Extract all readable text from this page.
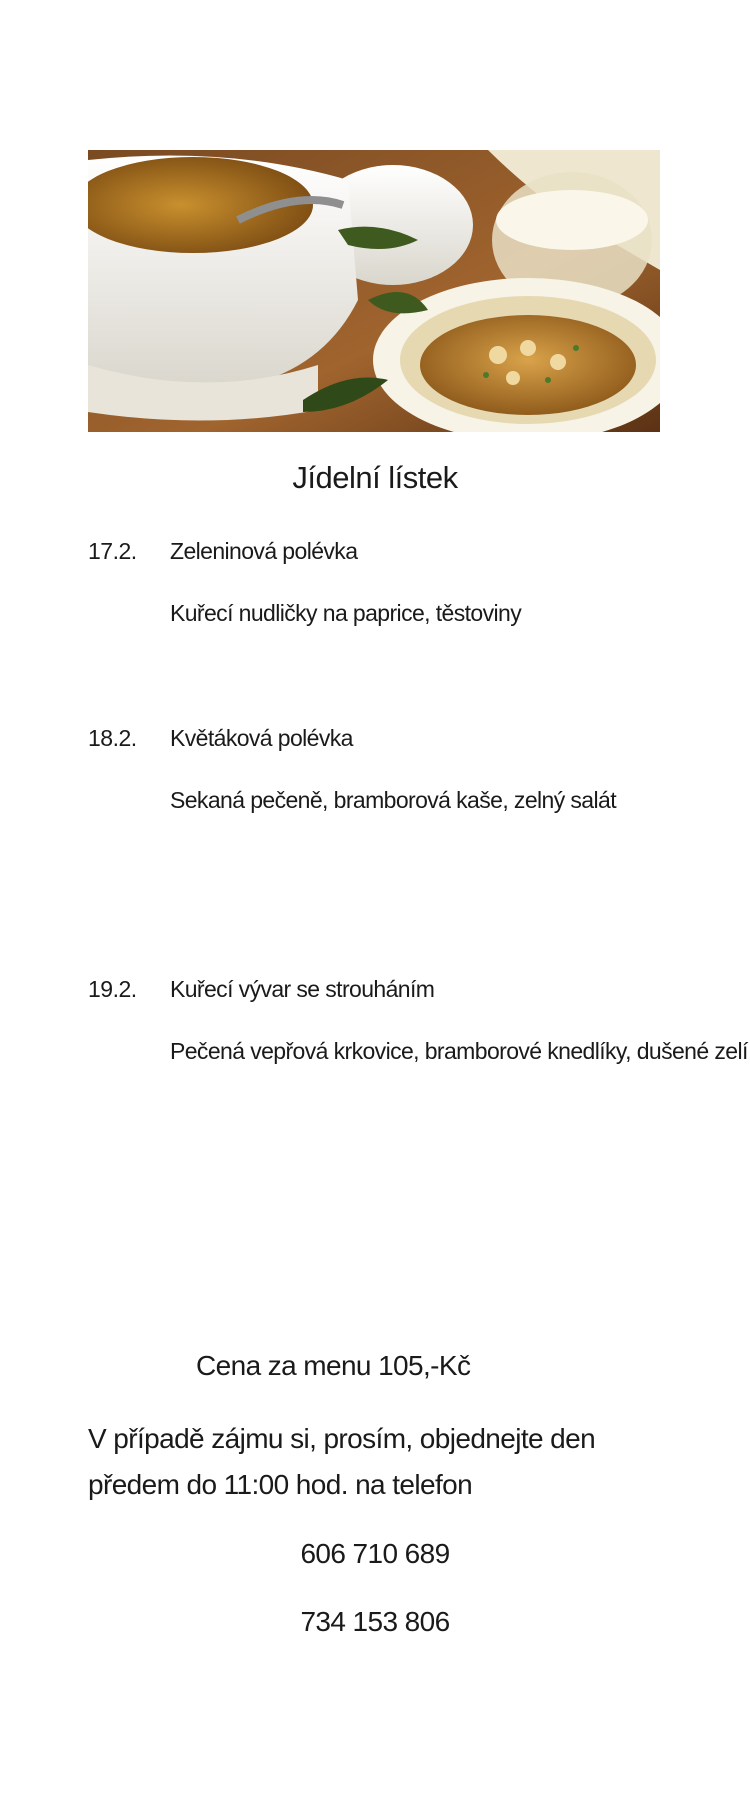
Jídelní lístek
17.2. Zeleninová polévka
Kuřecí nudličky na paprice, těstoviny
18.2. Květáková polévka
Sekaná pečeně, bramborová kaše, zelný salát
19.2. Kuřecí vývar se strouháním
Pečená vepřová krkovice, bramborové knedlíky, dušené zelí
Cena za menu 105,-Kč
V případě zájmu si, prosím, objednejte den předem do 11:00 hod. na telefon
606 710 689
734 153 806
